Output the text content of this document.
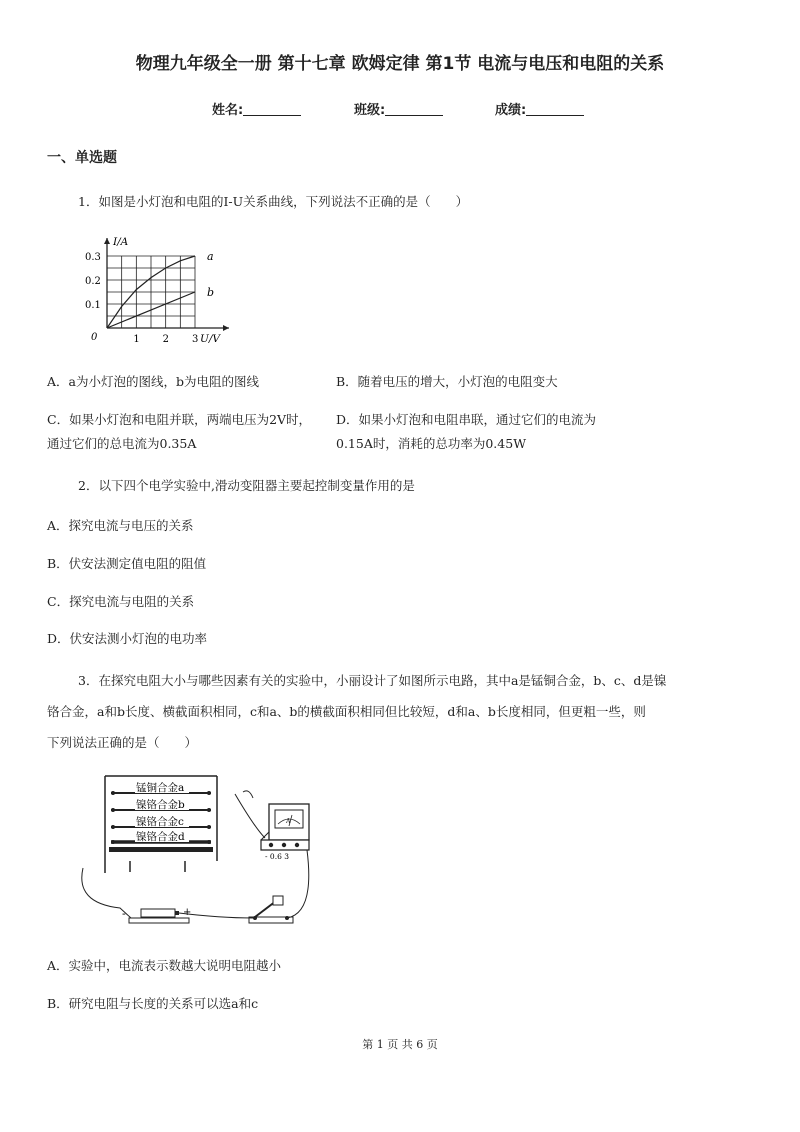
物理九年级全一册 第十七章 欧姆定律 第1节 电流与电压和电阻的关系
姓名:	班级:	成绩:
一、单选题
1．如图是小灯泡和电阻的I-U关系曲线，下列说法不正确的是（　　）
a
b
1 2 3
0.1
0.2
0.3
0	U/V
I/A
A．a为小灯泡的图线，b为电阻的图线	B．随着电压的增大，小灯泡的电阻变大
C．如果小灯泡和电阻并联，两端电压为2V时，
通过它们的总电流为0.35A
D．如果小灯泡和电阻串联，通过它们的电流为
0.15A时，消耗的总功率为0.45W
2．以下四个电学实验中,滑动变阻器主要起控制变量作用的是
A．探究电流与电压的关系
B．伏安法测定值电阻的阻值
C．探究电流与电阻的关系
D．伏安法测小灯泡的电功率
3．在探究电阻大小与哪些因素有关的实验中，小丽设计了如图所示电路，其中a是锰铜合金，b、c、d是镍
铬合金，a和b长度、横截面积相同，c和a、b的横截面积相同但比较短，d和a、b长度相同，但更粗一些，则
下列说法正确的是（　　）
锰铜合金a
镍铬合金b
镍铬合金c
镍铬合金d
A
- 0.6 3
-	+
A．实验中，电流表示数越大说明电阻越小
B．研究电阻与长度的关系可以选a和c
第 1 页 共 6 页
